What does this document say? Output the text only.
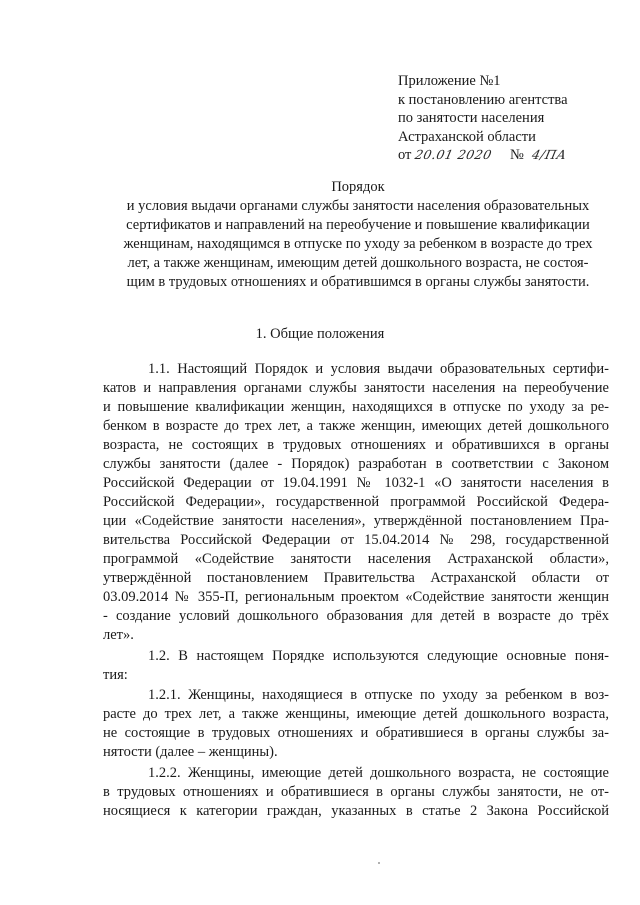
Приложение №1
к постановлению агентства
по занятости населения
Астраханской области
от 20.01 2020 № 4/ПА
Порядок
и условия выдачи органами службы занятости населения образовательных
сертификатов и направлений на переобучение и повышение квалификации
женщинам, находящимся в отпуске по уходу за ребенком в возрасте до трех
лет, а также женщинам, имеющим детей дошкольного возраста, не состоя-
щим в трудовых отношениях и обратившимся в органы службы занятости.
1. Общие положения
1.1. Настоящий Порядок и условия выдачи образовательных сертифи-
катов и направления органами службы занятости населения на переобучение
и повышение квалификации женщин, находящихся в отпуске по уходу за ре-
бенком в возрасте до трех лет, а также женщин, имеющих детей дошкольного
возраста, не состоящих в трудовых отношениях и обратившихся в органы
службы занятости (далее - Порядок) разработан в соответствии с Законом
Российской Федерации от 19.04.1991 № 1032-1 «О занятости населения в
Российской Федерации», государственной программой Российской Федера-
ции «Содействие занятости населения», утверждённой постановлением Пра-
вительства Российской Федерации от 15.04.2014 № 298, государственной
программой «Содействие занятости населения Астраханской области»,
утверждённой постановлением Правительства Астраханской области от
03.09.2014 № 355-П, региональным проектом «Содействие занятости женщин
- создание условий дошкольного образования для детей в возрасте до трёх
лет».
1.2. В настоящем Порядке используются следующие основные поня-
тия:
1.2.1. Женщины, находящиеся в отпуске по уходу за ребенком в воз-
расте до трех лет, а также женщины, имеющие детей дошкольного возраста,
не состоящие в трудовых отношениях и обратившиеся в органы службы за-
нятости (далее – женщины).
1.2.2. Женщины, имеющие детей дошкольного возраста, не состоящие
в трудовых отношениях и обратившиеся в органы службы занятости, не от-
носящиеся к категории граждан, указанных в статье 2 Закона Российской
